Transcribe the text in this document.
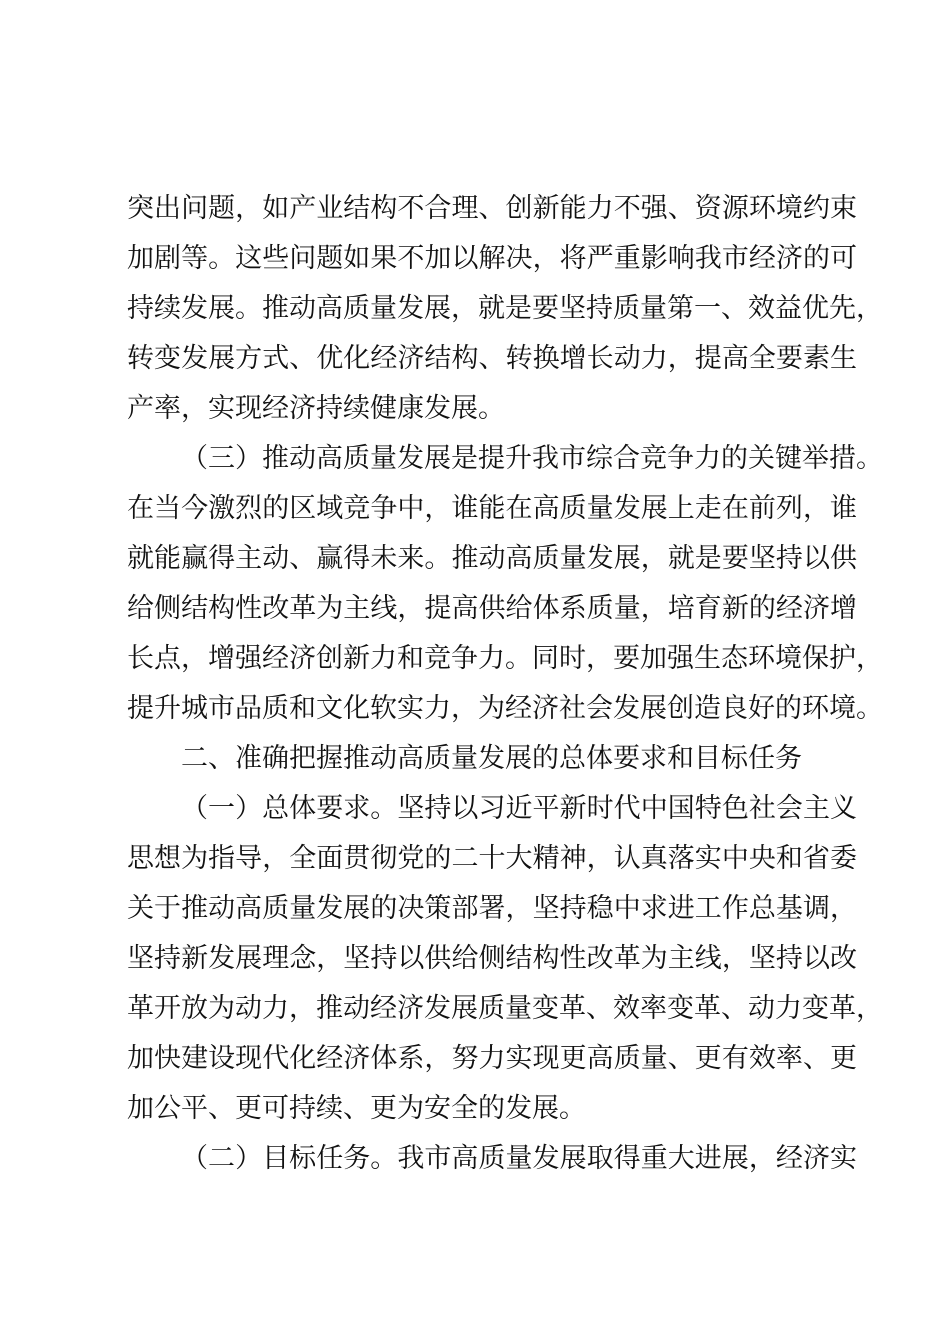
突出问题，如产业结构不合理、创新能力不强、资源环境约束
加剧等。这些问题如果不加以解决，将严重影响我市经济的可
持续发展。推动高质量发展，就是要坚持质量第一、效益优先，
转变发展方式、优化经济结构、转换增长动力，提高全要素生
产率，实现经济持续健康发展。
（三）推动高质量发展是提升我市综合竞争力的关键举措。
在当今激烈的区域竞争中，谁能在高质量发展上走在前列，谁
就能赢得主动、赢得未来。推动高质量发展，就是要坚持以供
给侧结构性改革为主线，提高供给体系质量，培育新的经济增
长点，增强经济创新力和竞争力。同时，要加强生态环境保护，
提升城市品质和文化软实力，为经济社会发展创造良好的环境。
二、准确把握推动高质量发展的总体要求和目标任务
（一）总体要求。坚持以习近平新时代中国特色社会主义
思想为指导，全面贯彻党的二十大精神，认真落实中央和省委
关于推动高质量发展的决策部署，坚持稳中求进工作总基调，
坚持新发展理念，坚持以供给侧结构性改革为主线，坚持以改
革开放为动力，推动经济发展质量变革、效率变革、动力变革，
加快建设现代化经济体系，努力实现更高质量、更有效率、更
加公平、更可持续、更为安全的发展。
（二）目标任务。我市高质量发展取得重大进展，经济实
